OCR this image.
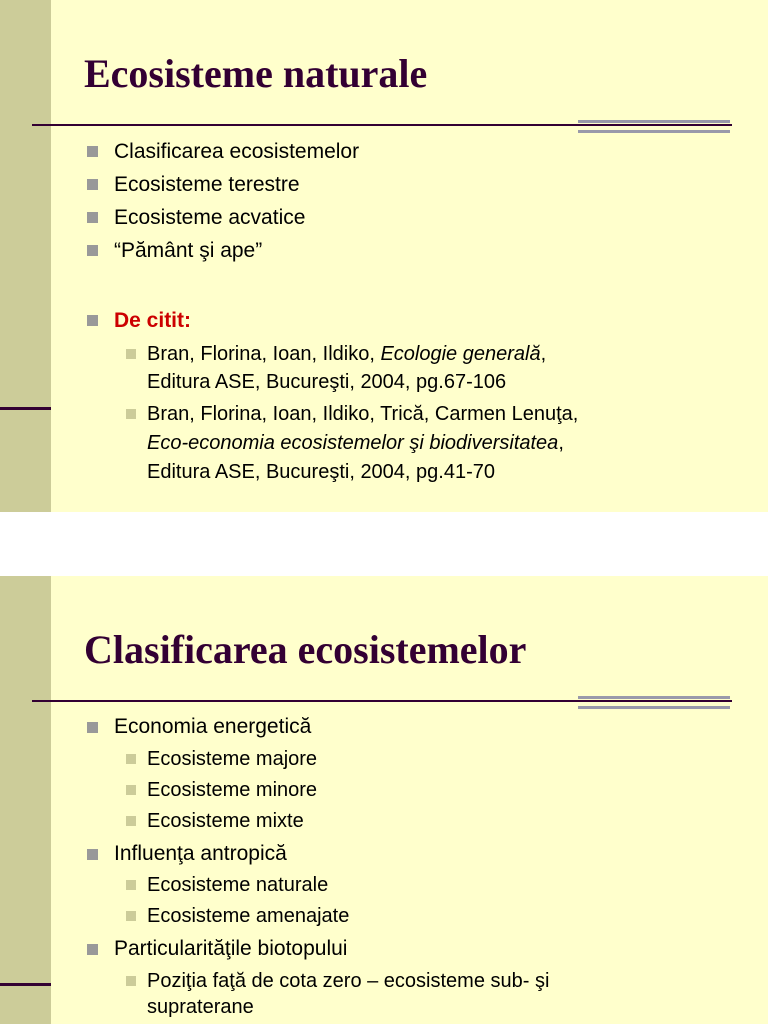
Ecosisteme naturale
Clasificarea ecosistemelor
Ecosisteme terestre
Ecosisteme acvatice
“Pământ şi ape”
De citit:
Bran, Florina, Ioan, Ildiko, Ecologie generală,
Editura ASE, Bucureşti, 2004, pg.67-106
Bran, Florina, Ioan, Ildiko, Trică, Carmen Lenuţa,
Eco-economia ecosistemelor şi biodiversitatea,
Editura ASE, Bucureşti, 2004, pg.41-70
Clasificarea ecosistemelor
Economia energetică
Ecosisteme majore
Ecosisteme minore
Ecosisteme mixte
Influenţa antropică
Ecosisteme naturale
Ecosisteme amenajate
Particularităţile biotopului
Poziţia faţă de cota zero – ecosisteme sub- şi
supraterane
